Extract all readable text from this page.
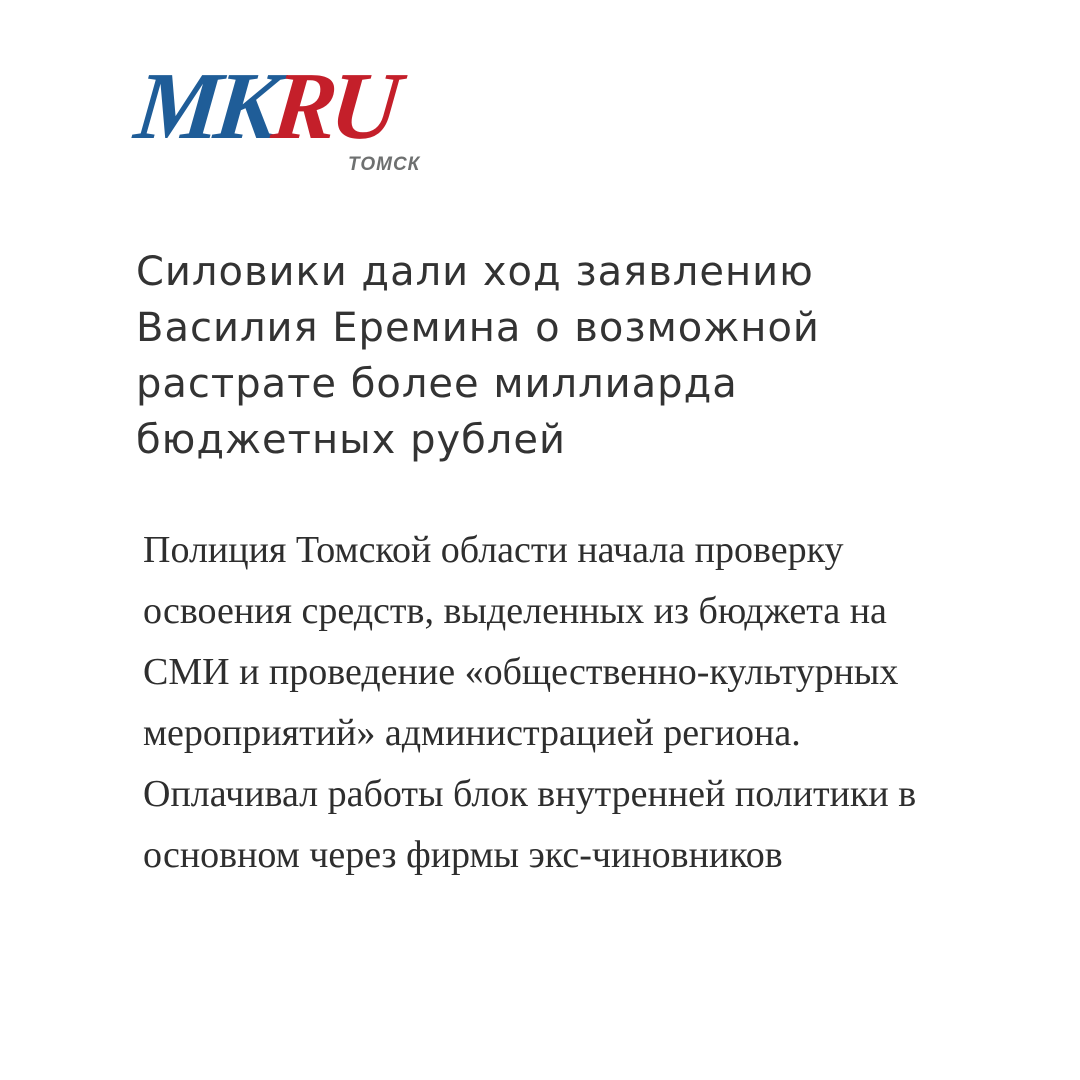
MKRU
ТОМСК
Силовики дали ход заявлению Василия Еремина о возможной растрате более миллиарда бюджетных рублей

Полиция Томской области начала проверку освоения средств, выделенных из бюджета на СМИ и проведение «общественно-культурных мероприятий» администрацией региона. Оплачивал работы блок внутренней политики в основном через фирмы экс-чиновников
